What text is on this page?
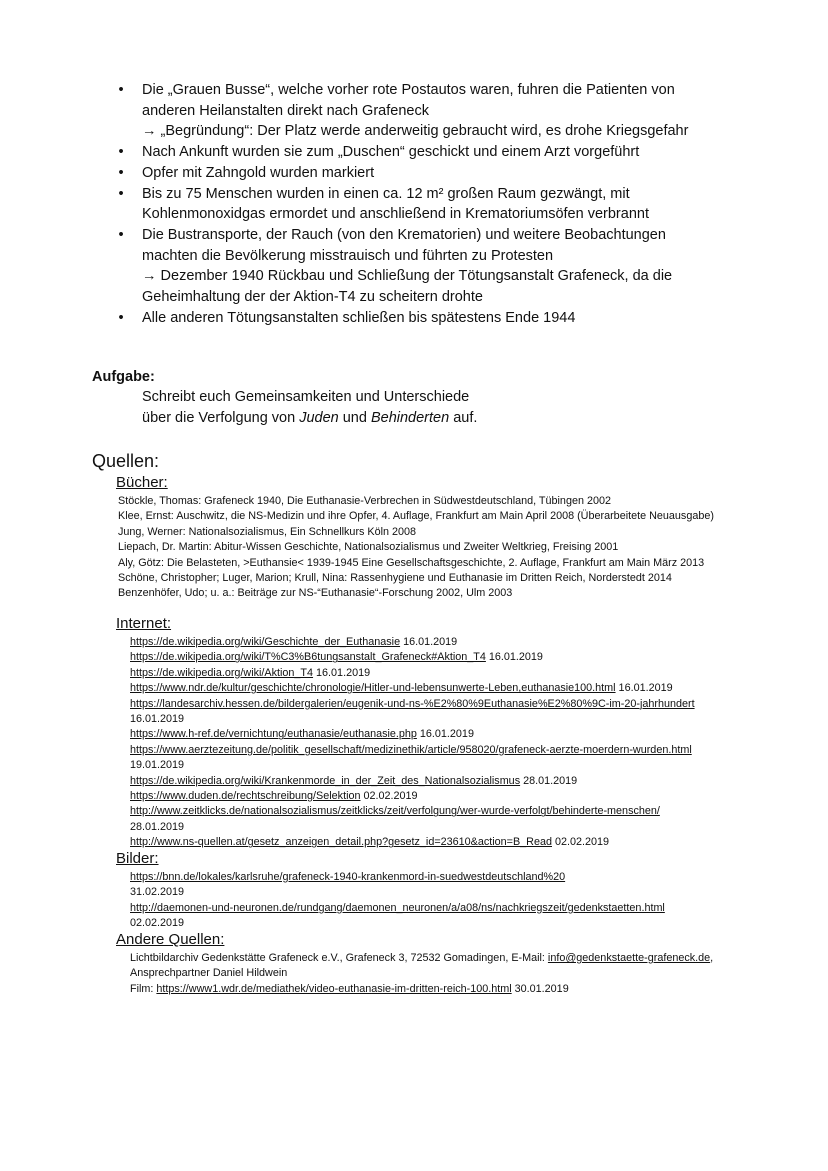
• Die „Grauen Busse“, welche vorher rote Postautos waren, fuhren die Patienten von
anderen Heilanstalten direkt nach Grafeneck
→ „Begründung“: Der Platz werde anderweitig gebraucht wird, es drohe Kriegsgefahr
• Nach Ankunft wurden sie zum „Duschen“ geschickt und einem Arzt vorgeführt
• Opfer mit Zahngold wurden markiert
• Bis zu 75 Menschen wurden in einen ca. 12 m² großen Raum gezwängt, mit
Kohlenmonoxidgas ermordet und anschließend in Krematoriumsöfen verbrannt
• Die Bustransporte, der Rauch (von den Krematorien) und weitere Beobachtungen
machten die Bevölkerung misstrauisch und führten zu Protesten
→ Dezember 1940 Rückbau und Schließung der Tötungsanstalt Grafeneck, da die
Geheimhaltung der der Aktion-T4 zu scheitern drohte
• Alle anderen Tötungsanstalten schließen bis spätestens Ende 1944
Aufgabe:
Schreibt euch Gemeinsamkeiten und Unterschiede
über die Verfolgung von Juden und Behinderten auf.
Quellen:
Bücher:
Stöckle, Thomas: Grafeneck 1940, Die Euthanasie-Verbrechen in Südwestdeutschland, Tübingen 2002
Klee, Ernst: Auschwitz, die NS-Medizin und ihre Opfer, 4. Auflage, Frankfurt am Main April 2008 (Überarbeitete Neuausgabe)
Jung, Werner: Nationalsozialismus, Ein Schnellkurs Köln 2008
Liepach, Dr. Martin: Abitur-Wissen Geschichte, Nationalsozialismus und Zweiter Weltkrieg, Freising 2001
Aly, Götz: Die Belasteten, >Euthansie< 1939-1945 Eine Gesellschaftsgeschichte, 2. Auflage, Frankfurt am Main März 2013
Schöne, Christopher; Luger, Marion; Krull, Nina: Rassenhygiene und Euthanasie im Dritten Reich, Norderstedt 2014
Benzenhöfer, Udo; u. a.: Beiträge zur NS-“Euthanasie“-Forschung 2002, Ulm 2003
Internet:
https://de.wikipedia.org/wiki/Geschichte_der_Euthanasie 16.01.2019
https://de.wikipedia.org/wiki/T%C3%B6tungsanstalt_Grafeneck#Aktion_T4 16.01.2019
https://de.wikipedia.org/wiki/Aktion_T4 16.01.2019
https://www.ndr.de/kultur/geschichte/chronologie/Hitler-und-lebensunwerte-Leben,euthanasie100.html 16.01.2019
https://landesarchiv.hessen.de/bildergalerien/eugenik-und-ns-%E2%80%9Euthanasie%E2%80%9C-im-20-jahrhundert
16.01.2019
https://www.h-ref.de/vernichtung/euthanasie/euthanasie.php 16.01.2019
https://www.aerztezeitung.de/politik_gesellschaft/medizinethik/article/958020/grafeneck-aerzte-moerdern-wurden.html
19.01.2019
https://de.wikipedia.org/wiki/Krankenmorde_in_der_Zeit_des_Nationalsozialismus 28.01.2019
https://www.duden.de/rechtschreibung/Selektion 02.02.2019
http://www.zeitklicks.de/nationalsozialismus/zeitklicks/zeit/verfolgung/wer-wurde-verfolgt/behinderte-menschen/
28.01.2019
http://www.ns-quellen.at/gesetz_anzeigen_detail.php?gesetz_id=23610&action=B_Read 02.02.2019
Bilder:
https://bnn.de/lokales/karlsruhe/grafeneck-1940-krankenmord-in-suedwestdeutschland%20
31.02.2019
http://daemonen-und-neuronen.de/rundgang/daemonen_neuronen/a/a08/ns/nachkriegszeit/gedenkstaetten.html
02.02.2019
Andere Quellen:
Lichtbildarchiv Gedenkstätte Grafeneck e.V., Grafeneck 3, 72532 Gomadingen, E-Mail: info@gedenkstaette-grafeneck.de,
Ansprechpartner Daniel Hildwein
Film: https://www1.wdr.de/mediathek/video-euthanasie-im-dritten-reich-100.html 30.01.2019
